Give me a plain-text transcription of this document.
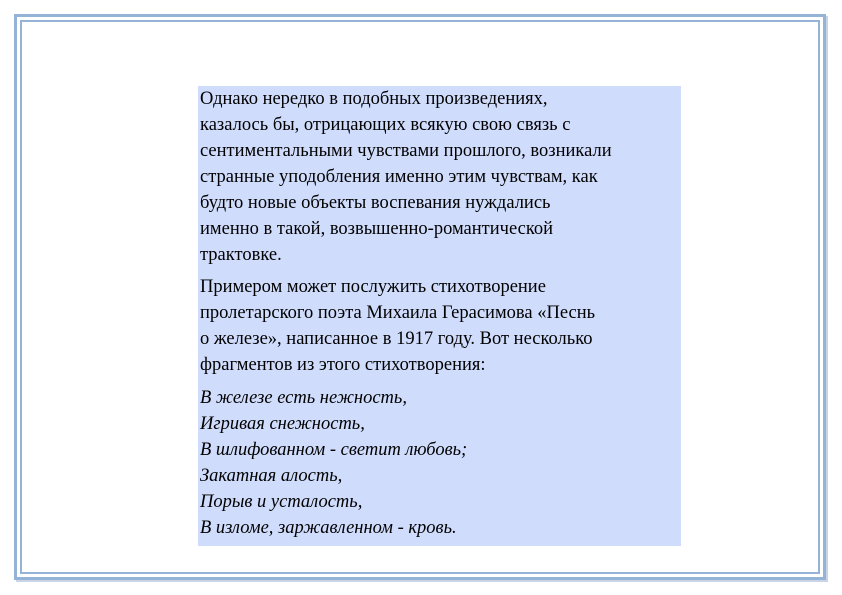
Однако нередко в подобных произведениях,
казалось бы, отрицающих всякую свою связь с
сентиментальными чувствами прошлого, возникали
странные уподобления именно этим чувствам, как
будто новые объекты воспевания нуждались
именно в такой, возвышенно-романтической
трактовке.

Примером может послужить стихотворение
пролетарского поэта Михаила Герасимова «Песнь
о железе», написанное в 1917 году. Вот несколько
фрагментов из этого стихотворения:

В железе есть нежность,
Игривая снежность,
В шлифованном - светит любовь;
Закатная алость,
Порыв и усталость,
В изломе, заржавленном - кровь.
